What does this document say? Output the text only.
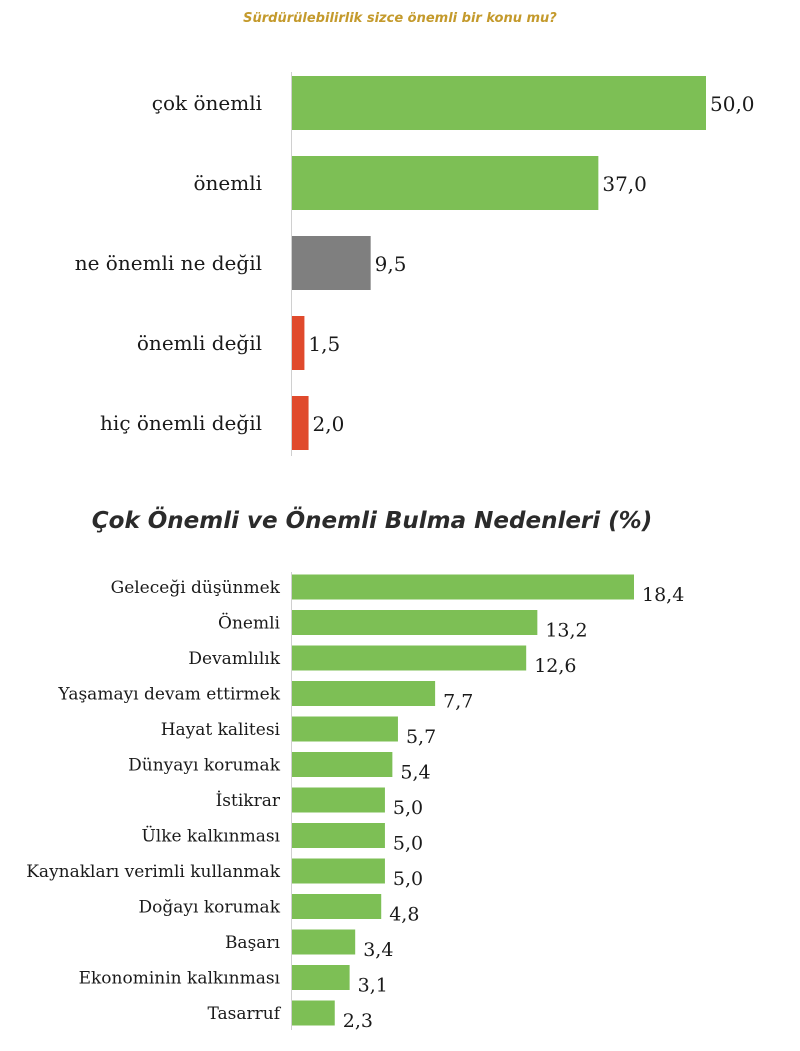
Sürdürülebilirlik sizce önemli bir konu mu?
çok önemli	50,0
önemli	37,0
ne önemli ne değil	9,5
önemli değil 1,5
hiç önemli değil	2,0
Çok Önemli ve Önemli Bulma Nedenleri (%)
Geleceği düşünmek	18,4
Önemli	13,2
Devamlılık	12,6
Yaşamayı devam ettirmek	7,7
Hayat kalitesi	5,7
Dünyayı korumak	5,4
İstikrar	5,0
Ülke kalkınması	5,0
Kaynakları verimli kullanmak	5,0
Doğayı korumak	4,8
Başarı	3,4
Ekonominin kalkınması	3,1
Tasarruf	2,3
